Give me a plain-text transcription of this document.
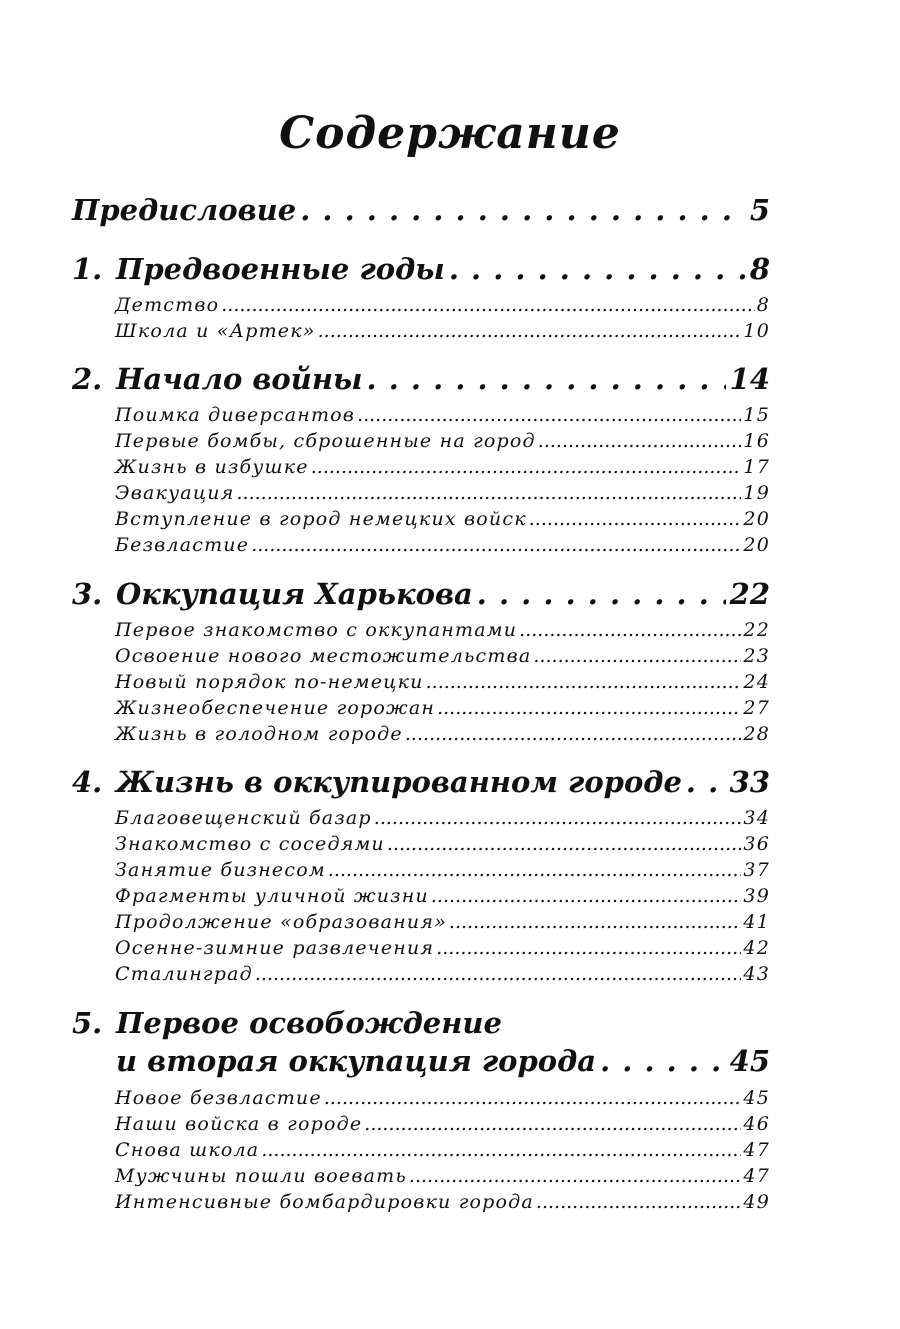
Содержание
Предисловие . . .	5
1. Предвоенные годы . . .	8
Детство .....	8
Школа и «Артек» .....	10
2. Начало войны . . .	14
Поимка диверсантов .....	15
Первые бомбы, сброшенные на город .....	16
Жизнь в избушке .....	17
Эвакуация .....	19
Вступление в город немецких войск .....	20
Безвластие .....	20
3. Оккупация Харькова . . .	22
Первое знакомство с оккупантами .....	22
Освоение нового местожительства .....	23
Новый порядок по-немецки .....	24
Жизнеобеспечение горожан .....	27
Жизнь в голодном городе .....	28
4. Жизнь в оккупированном городе . . . 33
Благовещенский базар .....	34
Знакомство с соседями .....	36
Занятие бизнесом .....	37
Фрагменты уличной жизни .....	39
Продолжение «образования» .....	41
Осенне-зимние развлечения .....	42
Сталинград .....	43
5. Первое освобождение
и вторая оккупация города . . .	45
Новое безвластие .....	45
Наши войска в городе .....	46
Снова школа .....	47
Мужчины пошли воевать .....	47
Интенсивные бомбардировки города .....	49
